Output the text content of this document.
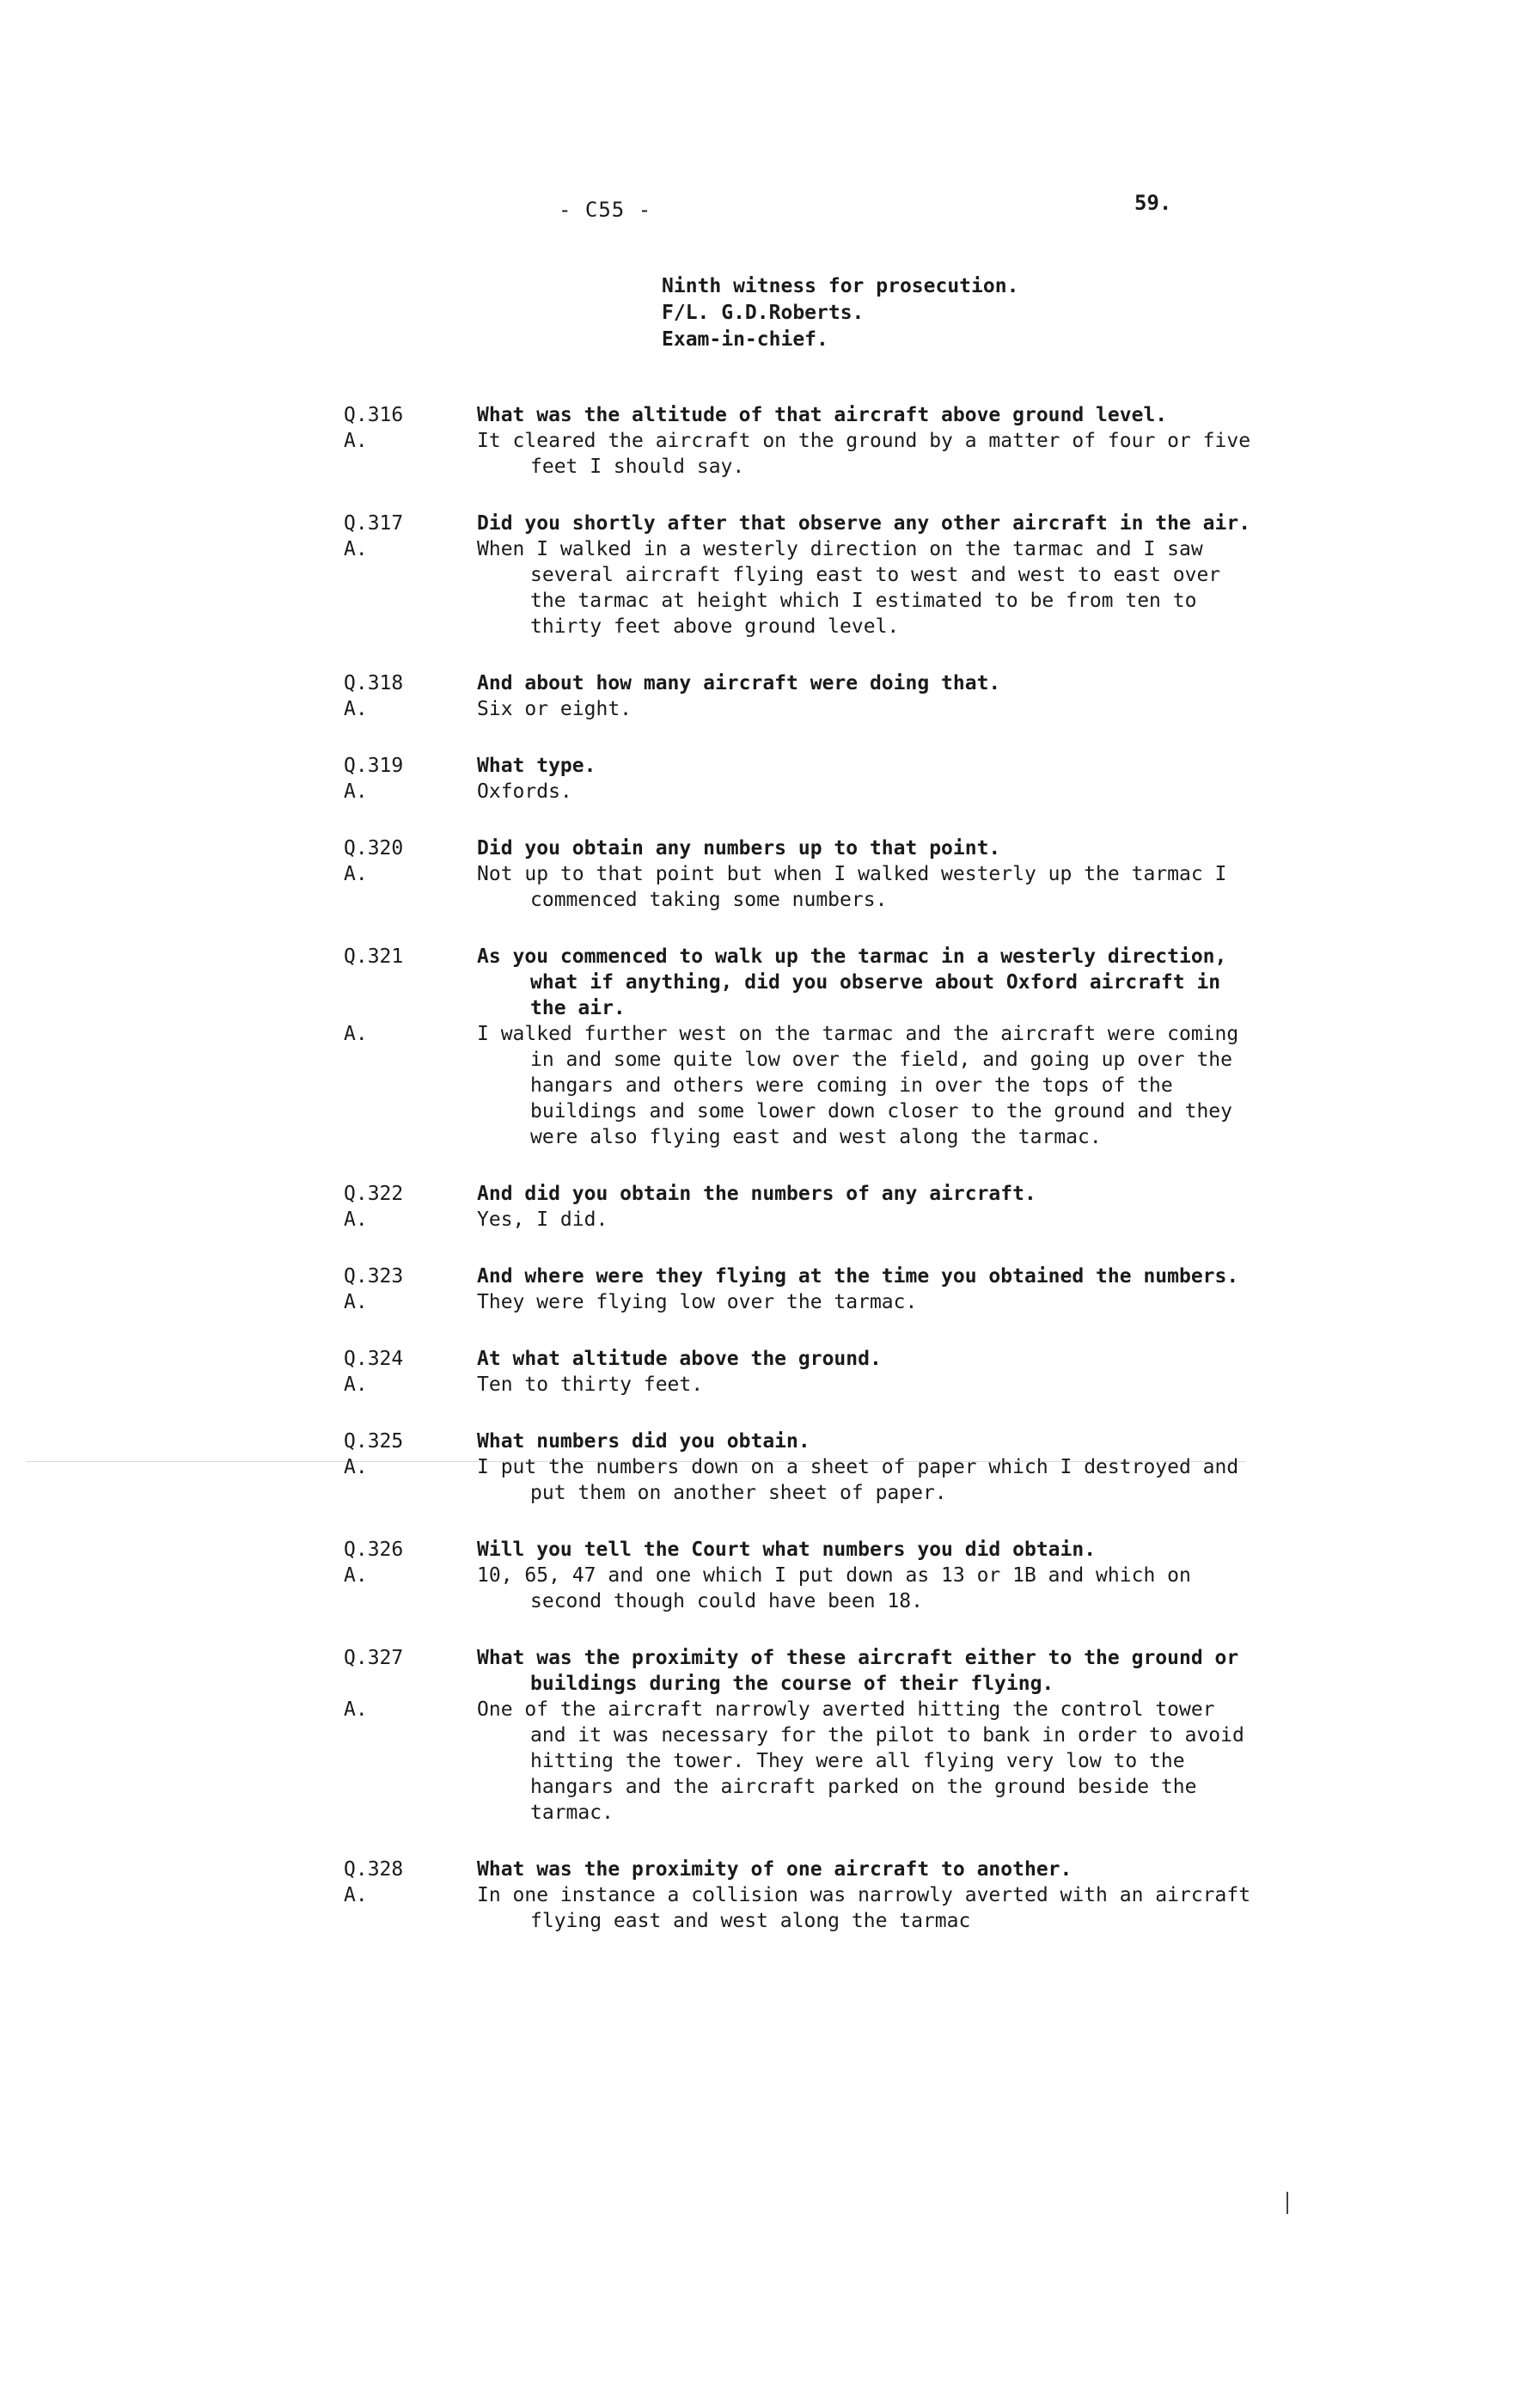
- C55 -	59.
Ninth witness for prosecution.
F/L. G.D.Roberts.
Exam-in-chief.
Q.316	What was the altitude of that aircraft above ground level.
A.	It cleared the aircraft on the ground by a matter of four or five feet I should say.
Q.317	Did you shortly after that observe any other aircraft in the air.
A.	When I walked in a westerly direction on the tarmac and I saw several aircraft flying east to west and west to east over the tarmac at height which I estimated to be from ten to thirty feet above ground level.
Q.318	And about how many aircraft were doing that.
A.	Six or eight.
Q.319	What type.
A.	Oxfords.
Q.320	Did you obtain any numbers up to that point.
A.	Not up to that point but when I walked westerly up the tarmac I commenced taking some numbers.
Q.321	As you commenced to walk up the tarmac in a westerly direction, what if anything, did you observe about Oxford aircraft in the air.
A.	I walked further west on the tarmac and the aircraft were coming in and some quite low over the field, and going up over the hangars and others were coming in over the tops of the buildings and some lower down closer to the ground and they were also flying east and west along the tarmac.
Q.322	And did you obtain the numbers of any aircraft.
A.	Yes, I did.
Q.323	And where were they flying at the time you obtained the numbers.
A.	They were flying low over the tarmac.
Q.324	At what altitude above the ground.
A.	Ten to thirty feet.
Q.325	What numbers did you obtain.
A.	I put the numbers down on a sheet of paper which I destroyed and put them on another sheet of paper.
Q.326	Will you tell the Court what numbers you did obtain.
A.	10, 65, 47 and one which I put down as 13 or 1B and which on second though could have been 18.
Q.327	What was the proximity of these aircraft either to the ground or buildings during the course of their flying.
A.	One of the aircraft narrowly averted hitting the control tower and it was necessary for the pilot to bank in order to avoid hitting the tower. They were all flying very low to the hangars and the aircraft parked on the ground beside the tarmac.
Q.328	What was the proximity of one aircraft to another.
A.	In one instance a collision was narrowly averted with an aircraft flying east and west along the tarmac
